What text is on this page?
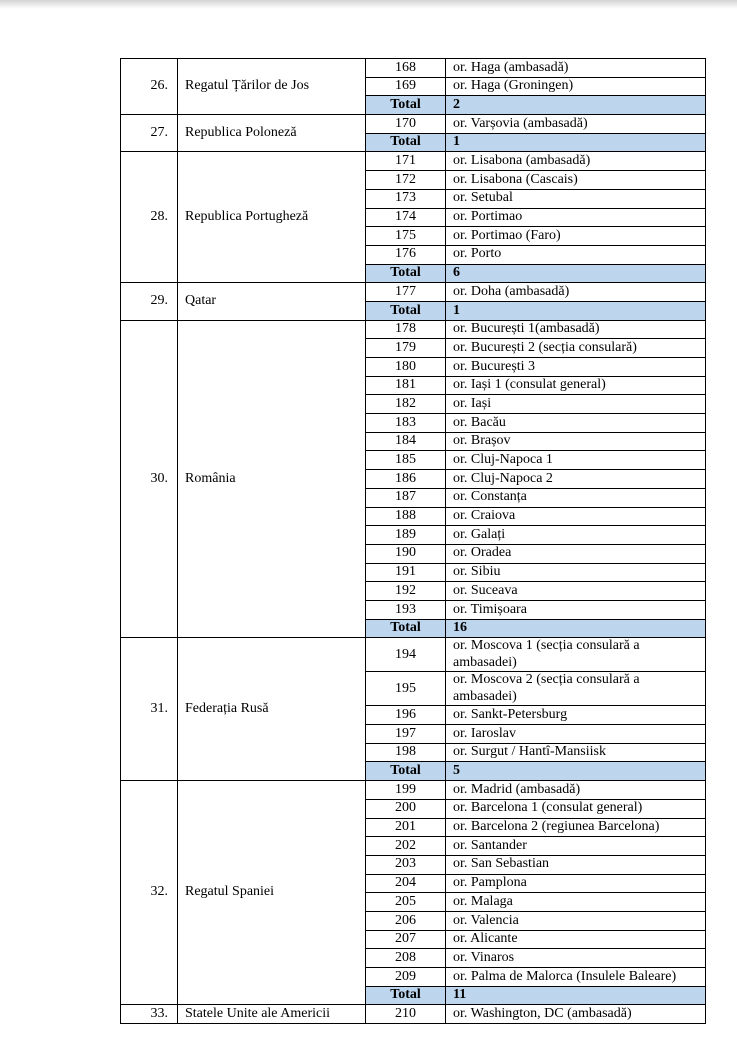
26.	Regatul Țărilor de Jos	168	or. Haga (ambasadă)
		169	or. Haga (Groningen)
		Total	2
27.	Republica Poloneză	170	or. Varșovia (ambasadă)
		Total	1
28.	Republica Portugheză	171	or. Lisabona (ambasadă)
		172	or. Lisabona (Cascais)
		173	or. Setubal
		174	or. Portimao
		175	or. Portimao (Faro)
		176	or. Porto
		Total	6
29.	Qatar	177	or. Doha (ambasadă)
		Total	1
30.	România	178	or. București 1(ambasadă)
		179	or. București 2 (secția consulară)
		180	or. București 3
		181	or. Iași 1 (consulat general)
		182	or. Iași
		183	or. Bacău
		184	or. Brașov
		185	or. Cluj-Napoca 1
		186	or. Cluj-Napoca 2
		187	or. Constanța
		188	or. Craiova
		189	or. Galați
		190	or. Oradea
		191	or. Sibiu
		192	or. Suceava
		193	or. Timișoara
		Total	16
31.	Federația Rusă	194	or. Moscova 1 (secția consulară a ambasadei)
		195	or. Moscova 2 (secția consulară a ambasadei)
		196	or. Sankt-Petersburg
		197	or. Iaroslav
		198	or. Surgut / Hantî-Mansiisk
		Total	5
32.	Regatul Spaniei	199	or. Madrid (ambasadă)
		200	or. Barcelona 1 (consulat general)
		201	or. Barcelona 2 (regiunea Barcelona)
		202	or. Santander
		203	or. San Sebastian
		204	or. Pamplona
		205	or. Malaga
		206	or. Valencia
		207	or. Alicante
		208	or. Vinaros
		209	or. Palma de Malorca (Insulele Baleare)
		Total	11
33.	Statele Unite ale Americii	210	or. Washington, DC (ambasadă)
